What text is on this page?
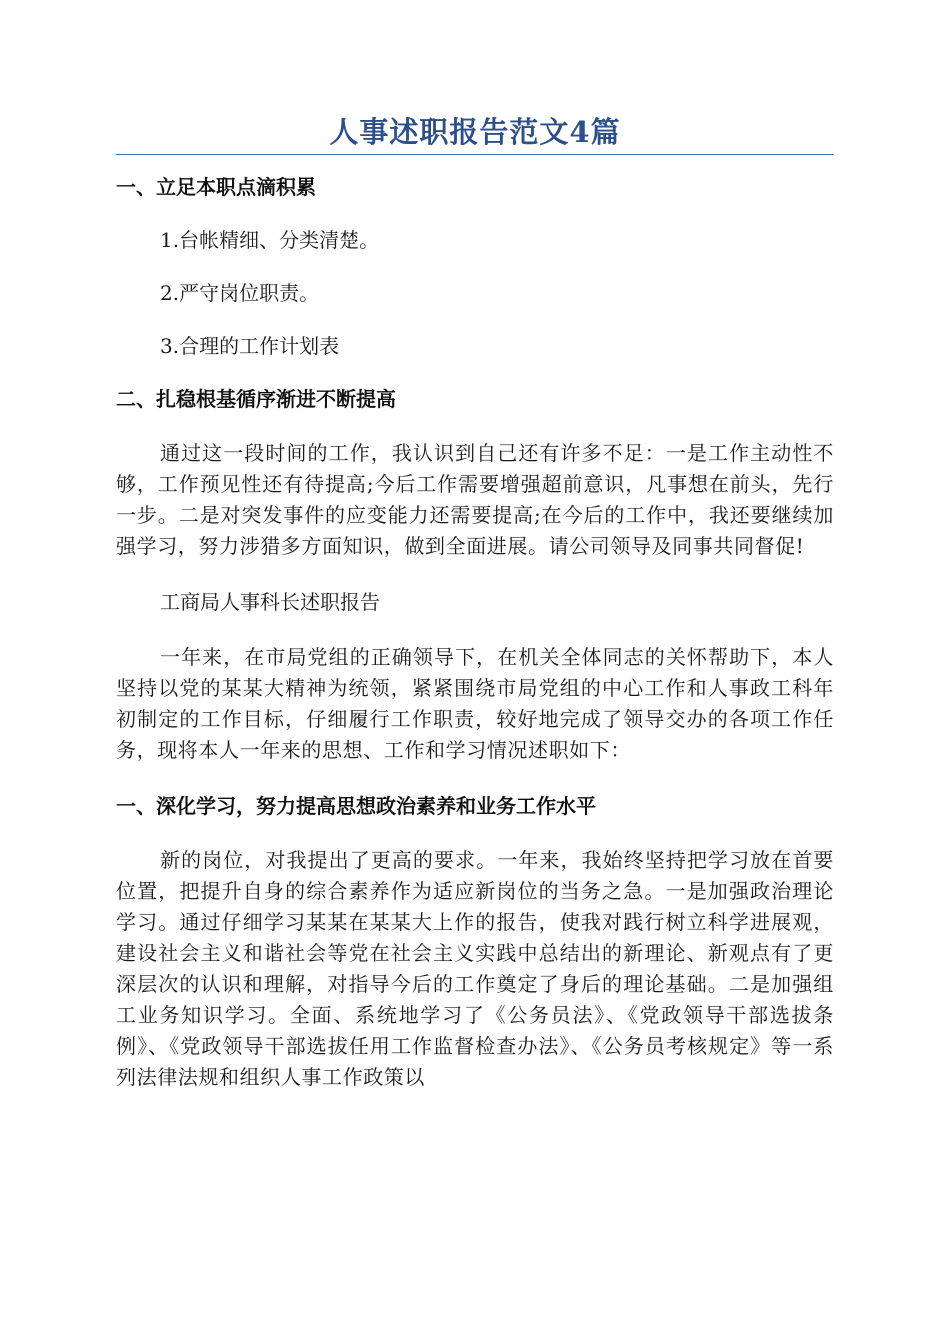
人事述职报告范文4篇
一、立足本职点滴积累
1.台帐精细、分类清楚。
2.严守岗位职责。
3.合理的工作计划表
二、扎稳根基循序渐进不断提高

通过这一段时间的工作，我认识到自己还有许多不足：一是工作主动性不够，工作预见性还有待提高;今后工作需要增强超前意识，凡事想在前头，先行一步。二是对突发事件的应变能力还需要提高;在今后的工作中，我还要继续加强学习，努力涉猎多方面知识，做到全面进展。请公司领导及同事共同督促!

工商局人事科长述职报告

一年来，在市局党组的正确领导下，在机关全体同志的关怀帮助下，本人坚持以党的某某大精神为统领，紧紧围绕市局党组的中心工作和人事政工科年初制定的工作目标，仔细履行工作职责，较好地完成了领导交办的各项工作任务，现将本人一年来的思想、工作和学习情况述职如下：

一、深化学习，努力提高思想政治素养和业务工作水平

新的岗位，对我提出了更高的要求。一年来，我始终坚持把学习放在首要位置，把提升自身的综合素养作为适应新岗位的当务之急。一是加强政治理论学习。通过仔细学习某某在某某大上作的报告，使我对践行树立科学进展观，建设社会主义和谐社会等党在社会主义实践中总结出的新理论、新观点有了更深层次的认识和理解，对指导今后的工作奠定了身后的理论基础。二是加强组工业务知识学习。全面、系统地学习了《公务员法》、《党政领导干部选拔条例》、《党政领导干部选拔任用工作监督检查办法》、《公务员考核规定》等一系列法律法规和组织人事工作政策以
